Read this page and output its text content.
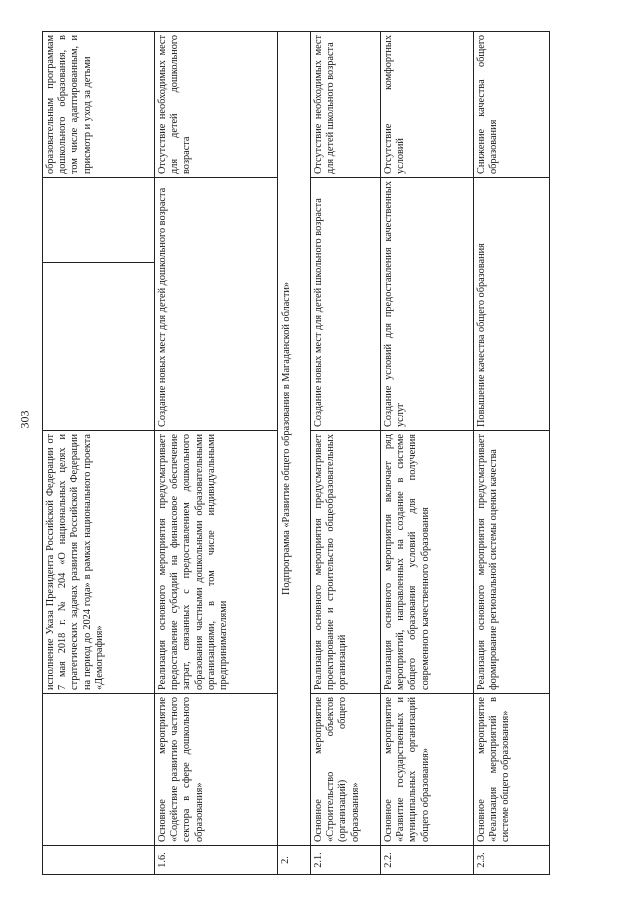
303
		исполнение Указа Президента Российской Федерации от 7 мая 2018 г. № 204 «О национальных целях и стратегических задачах развития Российской Федерации на период до 2024 года» в рамках национального проекта «Демография»			образовательным программам дошкольного образования, в том числе адаптированным, и присмотр и уход за детьми
1.6.	Основное мероприятие «Содействие развитию частного сектора в сфере дошкольного образования»	Реализация основного мероприятия предусматривает предоставление субсидий на финансовое обеспечение затрат, связанных с предоставлением дошкольного образования частными дошкольными образовательными организациями, в том числе индивидуальными предпринимателями	Создание новых мест для детей дошкольного возраста		Отсутствие необходимых мест для детей дошкольного возраста
2.	Подпрограмма «Развитие общего образования в Магаданской области»				
2.1.	Основное мероприятие «Строительство объектов (организаций) общего образования»	Реализация основного мероприятия предусматривает проектирование и строительство общеобразовательных организаций	Создание новых мест для детей школьного возраста		Отсутствие необходимых мест для детей школьного возраста
2.2.	Основное мероприятие «Развитие государственных и муниципальных организаций общего образования»	Реализация основного мероприятия включает ряд мероприятий, направленных на создание в системе общего образования условий для получения современного качественного образования	Создание условий для предоставления качественных услуг		Отсутствие комфортных условий
2.3.	Основное мероприятие «Реализация мероприятий в системе общего образования»	Реализация основного мероприятия предусматривает формирование региональной системы оценки качества	Повышение качества общего образования		Снижение качества общего образования
